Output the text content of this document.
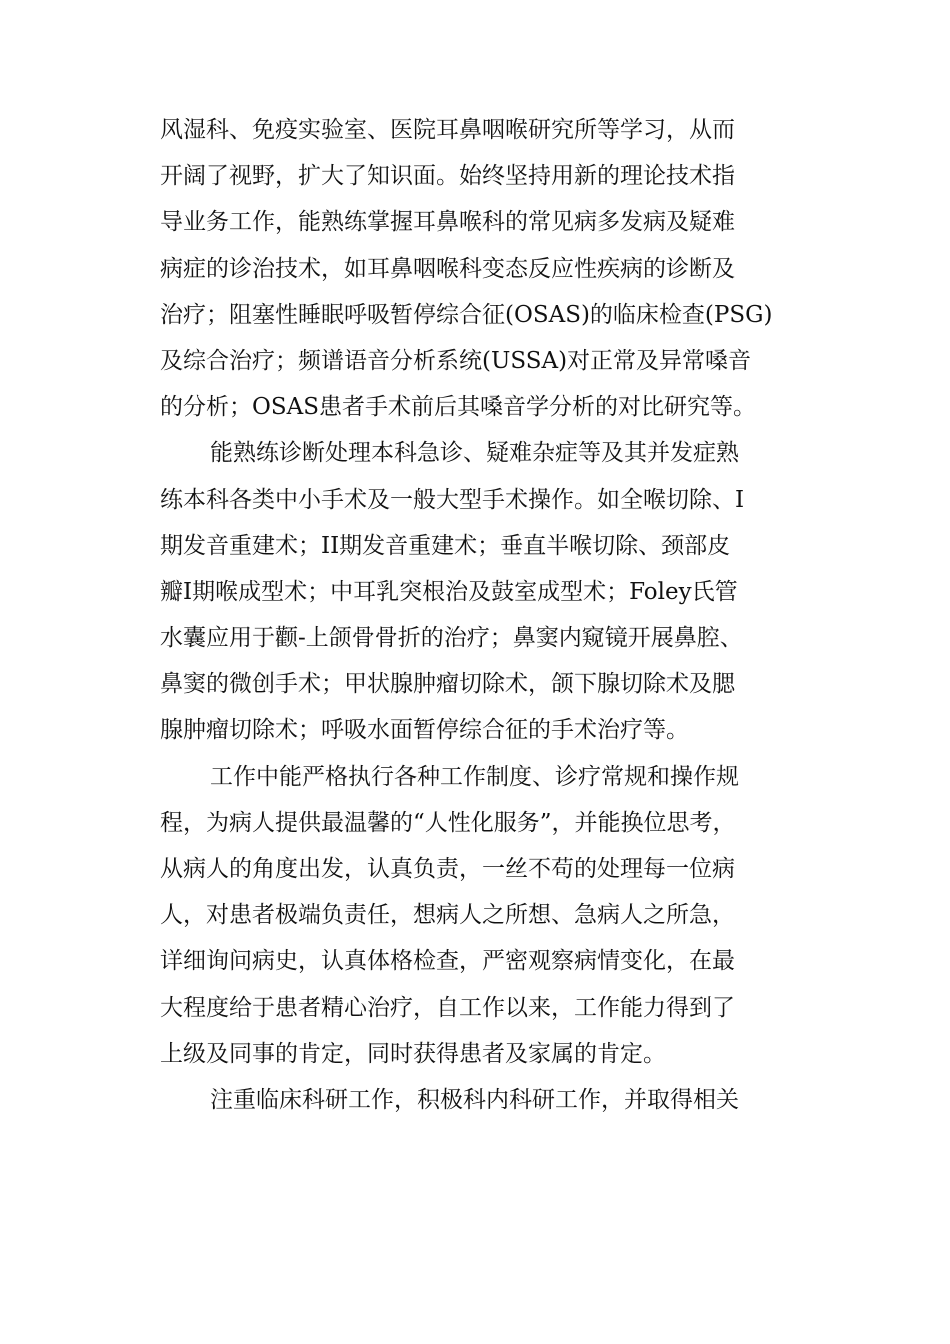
风湿科、免疫实验室、医院耳鼻咽喉研究所等学习，从而
开阔了视野，扩大了知识面。始终坚持用新的理论技术指
导业务工作，能熟练掌握耳鼻喉科的常见病多发病及疑难
病症的诊治技术，如耳鼻咽喉科变态反应性疾病的诊断及
治疗；阻塞性睡眠呼吸暂停综合征(OSAS)的临床检查(PSG)
及综合治疗；频谱语音分析系统(USSA)对正常及异常嗓音
的分析；OSAS患者手术前后其嗓音学分析的对比研究等。
能熟练诊断处理本科急诊、疑难杂症等及其并发症熟
练本科各类中小手术及一般大型手术操作。如全喉切除、I
期发音重建术；II期发音重建术；垂直半喉切除、颈部皮
瓣I期喉成型术；中耳乳突根治及鼓室成型术；Foley氏管
水囊应用于颧-上颌骨骨折的治疗；鼻窦内窥镜开展鼻腔、
鼻窦的微创手术；甲状腺肿瘤切除术，颌下腺切除术及腮
腺肿瘤切除术；呼吸水面暂停综合征的手术治疗等。
工作中能严格执行各种工作制度、诊疗常规和操作规
程，为病人提供最温馨的“人性化服务”，并能换位思考，
从病人的角度出发，认真负责，一丝不苟的处理每一位病
人，对患者极端负责任，想病人之所想、急病人之所急，
详细询问病史，认真体格检查，严密观察病情变化，在最
大程度给于患者精心治疗，自工作以来，工作能力得到了
上级及同事的肯定，同时获得患者及家属的肯定。
注重临床科研工作，积极科内科研工作，并取得相关
